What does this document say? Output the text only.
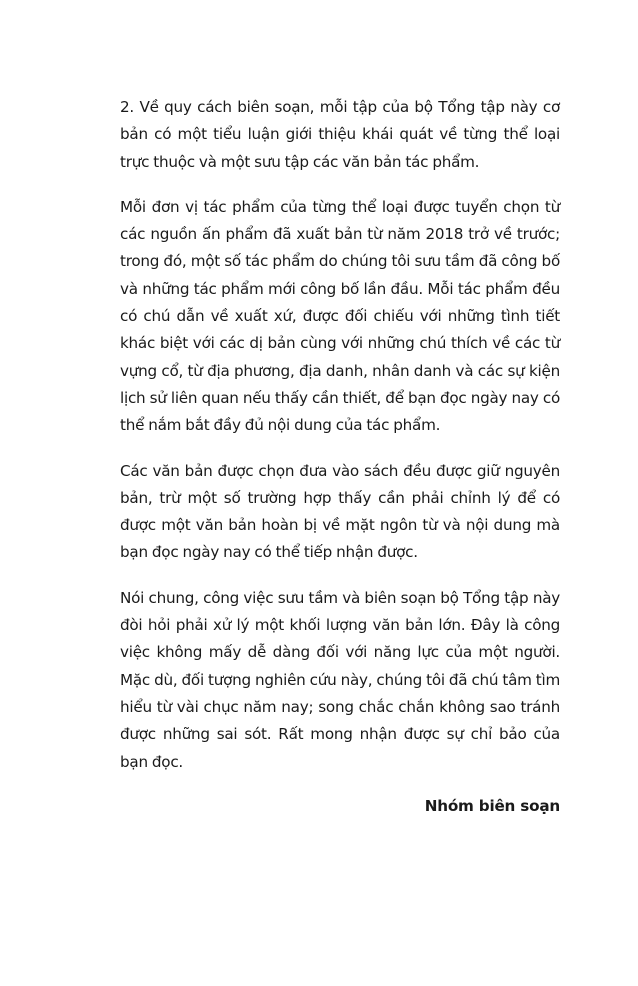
2. Về quy cách biên soạn, mỗi tập của bộ Tổng tập này cơ bản có một tiểu luận giới thiệu khái quát về từng thể loại trực thuộc và một sưu tập các văn bản tác phẩm.

Mỗi đơn vị tác phẩm của từng thể loại được tuyển chọn từ các nguồn ấn phẩm đã xuất bản từ năm 2018 trở về trước; trong đó, một số tác phẩm do chúng tôi sưu tầm đã công bố và những tác phẩm mới công bố lần đầu. Mỗi tác phẩm đều có chú dẫn về xuất xứ, được đối chiếu với những tình tiết khác biệt với các dị bản cùng với những chú thích về các từ vựng cổ, từ địa phương, địa danh, nhân danh và các sự kiện lịch sử liên quan nếu thấy cần thiết, để bạn đọc ngày nay có thể nắm bắt đầy đủ nội dung của tác phẩm.

Các văn bản được chọn đưa vào sách đều được giữ nguyên bản, trừ một số trường hợp thấy cần phải chỉnh lý để có được một văn bản hoàn bị về mặt ngôn từ và nội dung mà bạn đọc ngày nay có thể tiếp nhận được.

Nói chung, công việc sưu tầm và biên soạn bộ Tổng tập này đòi hỏi phải xử lý một khối lượng văn bản lớn. Đây là công việc không mấy dễ dàng đối với năng lực của một người. Mặc dù, đối tượng nghiên cứu này, chúng tôi đã chú tâm tìm hiểu từ vài chục năm nay; song chắc chắn không sao tránh được những sai sót. Rất mong nhận được sự chỉ bảo của bạn đọc.

Nhóm biên soạn
